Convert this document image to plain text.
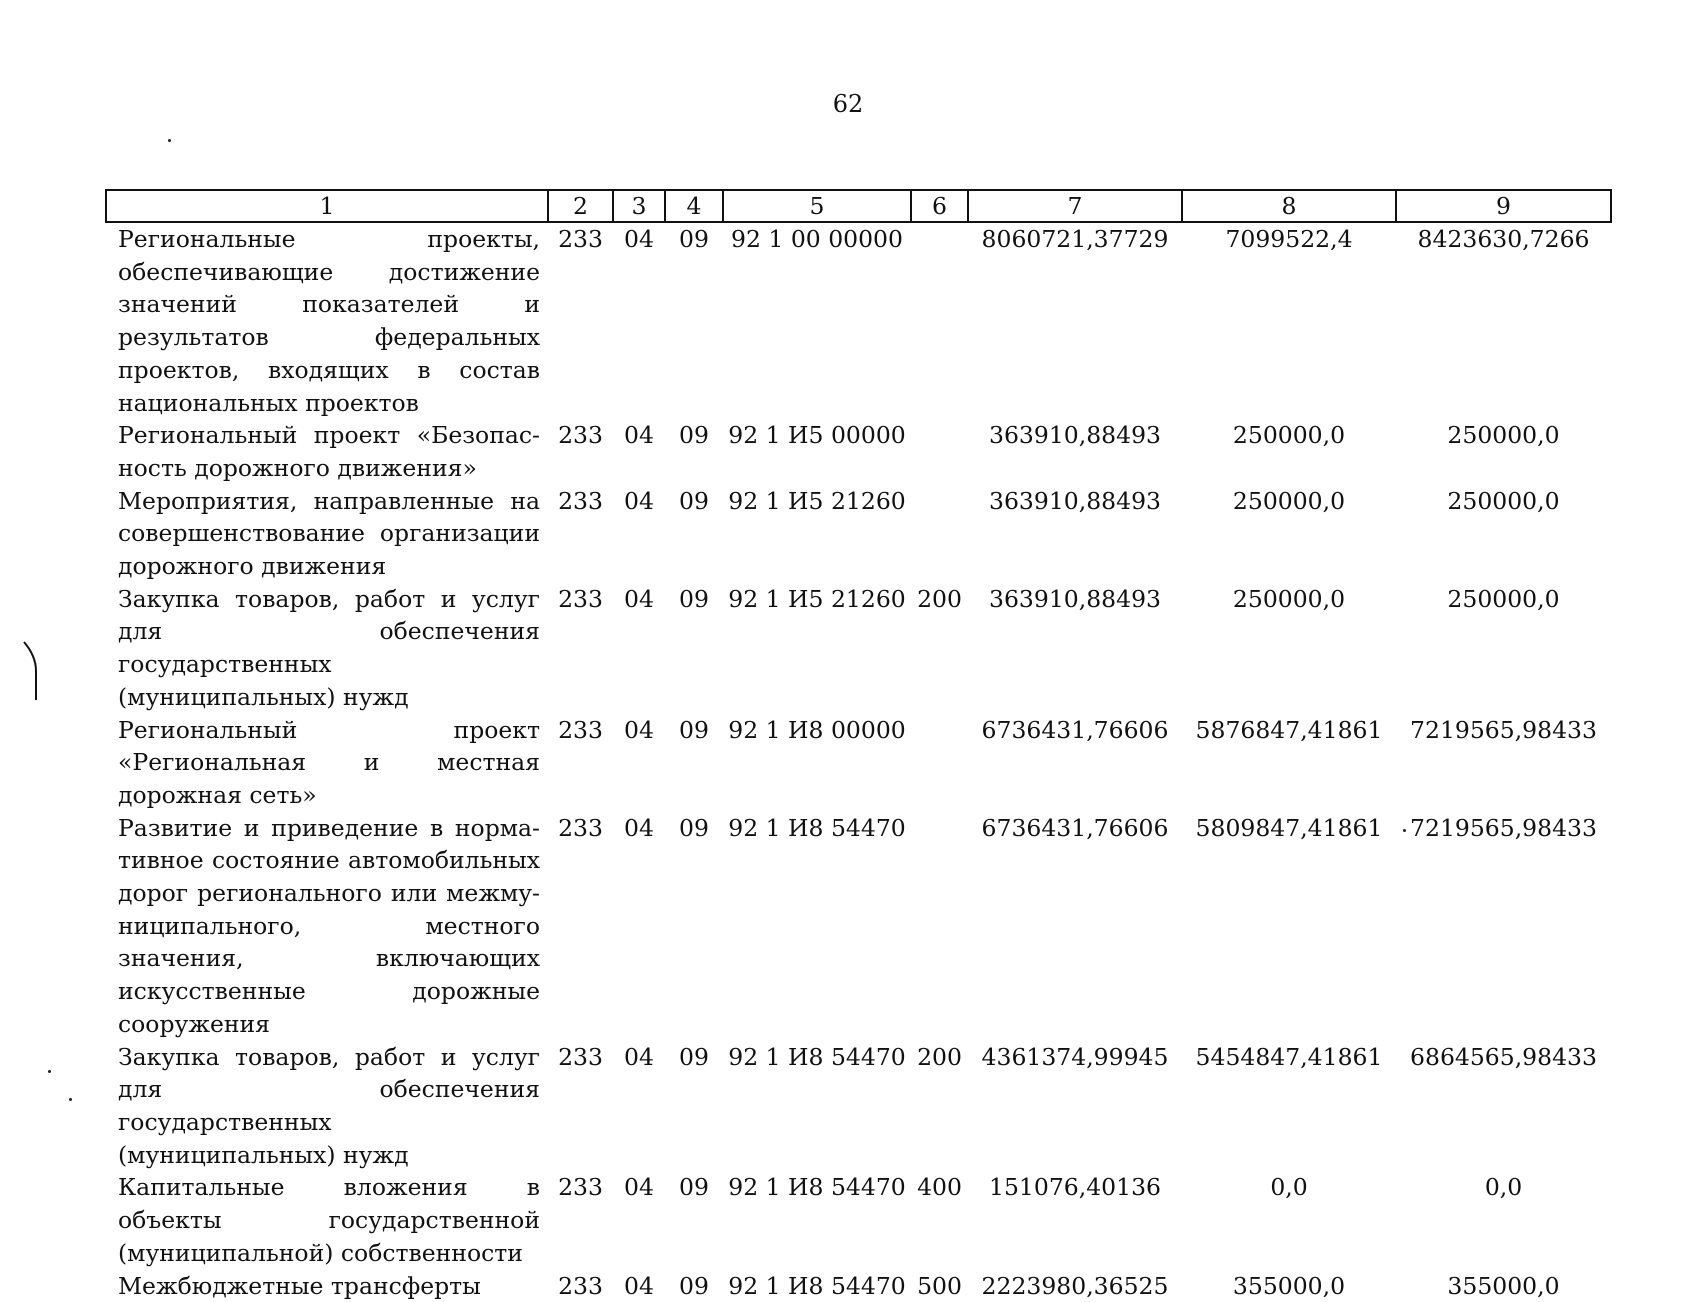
62
1	2	3	4	5	6	7	8	9
Региональные проекты, обеспечивающие достижение значений показателей и результатов федеральных проектов, входящих в состав национальных проектов	233	04	09	92 1 00 00000		8060721,37729	7099522,4	8423630,7266
Региональный проект «Безопасность дорожного движения»	233	04	09	92 1 И5 00000		363910,88493	250000,0	250000,0
Мероприятия, направленные на совершенствование организации дорожного движения	233	04	09	92 1 И5 21260		363910,88493	250000,0	250000,0
Закупка товаров, работ и услуг для обеспечения государственных (муниципальных) нужд	233	04	09	92 1 И5 21260	200	363910,88493	250000,0	250000,0
Региональный проект «Региональная и местная дорожная сеть»	233	04	09	92 1 И8 00000		6736431,76606	5876847,41861	7219565,98433
Развитие и приведение в нормативное состояние автомобильных дорог регионального или межмуниципального, местного значения, включающих искусственные дорожные сооружения	233	04	09	92 1 И8 54470		6736431,76606	5809847,41861	7219565,98433
Закупка товаров, работ и услуг для обеспечения государственных (муниципальных) нужд	233	04	09	92 1 И8 54470	200	4361374,99945	5454847,41861	6864565,98433
Капитальные вложения в объекты государственной (муниципальной) собственности	233	04	09	92 1 И8 54470	400	151076,40136	0,0	0,0
Межбюджетные трансферты	233	04	09	92 1 И8 54470	500	2223980,36525	355000,0	355000,0
